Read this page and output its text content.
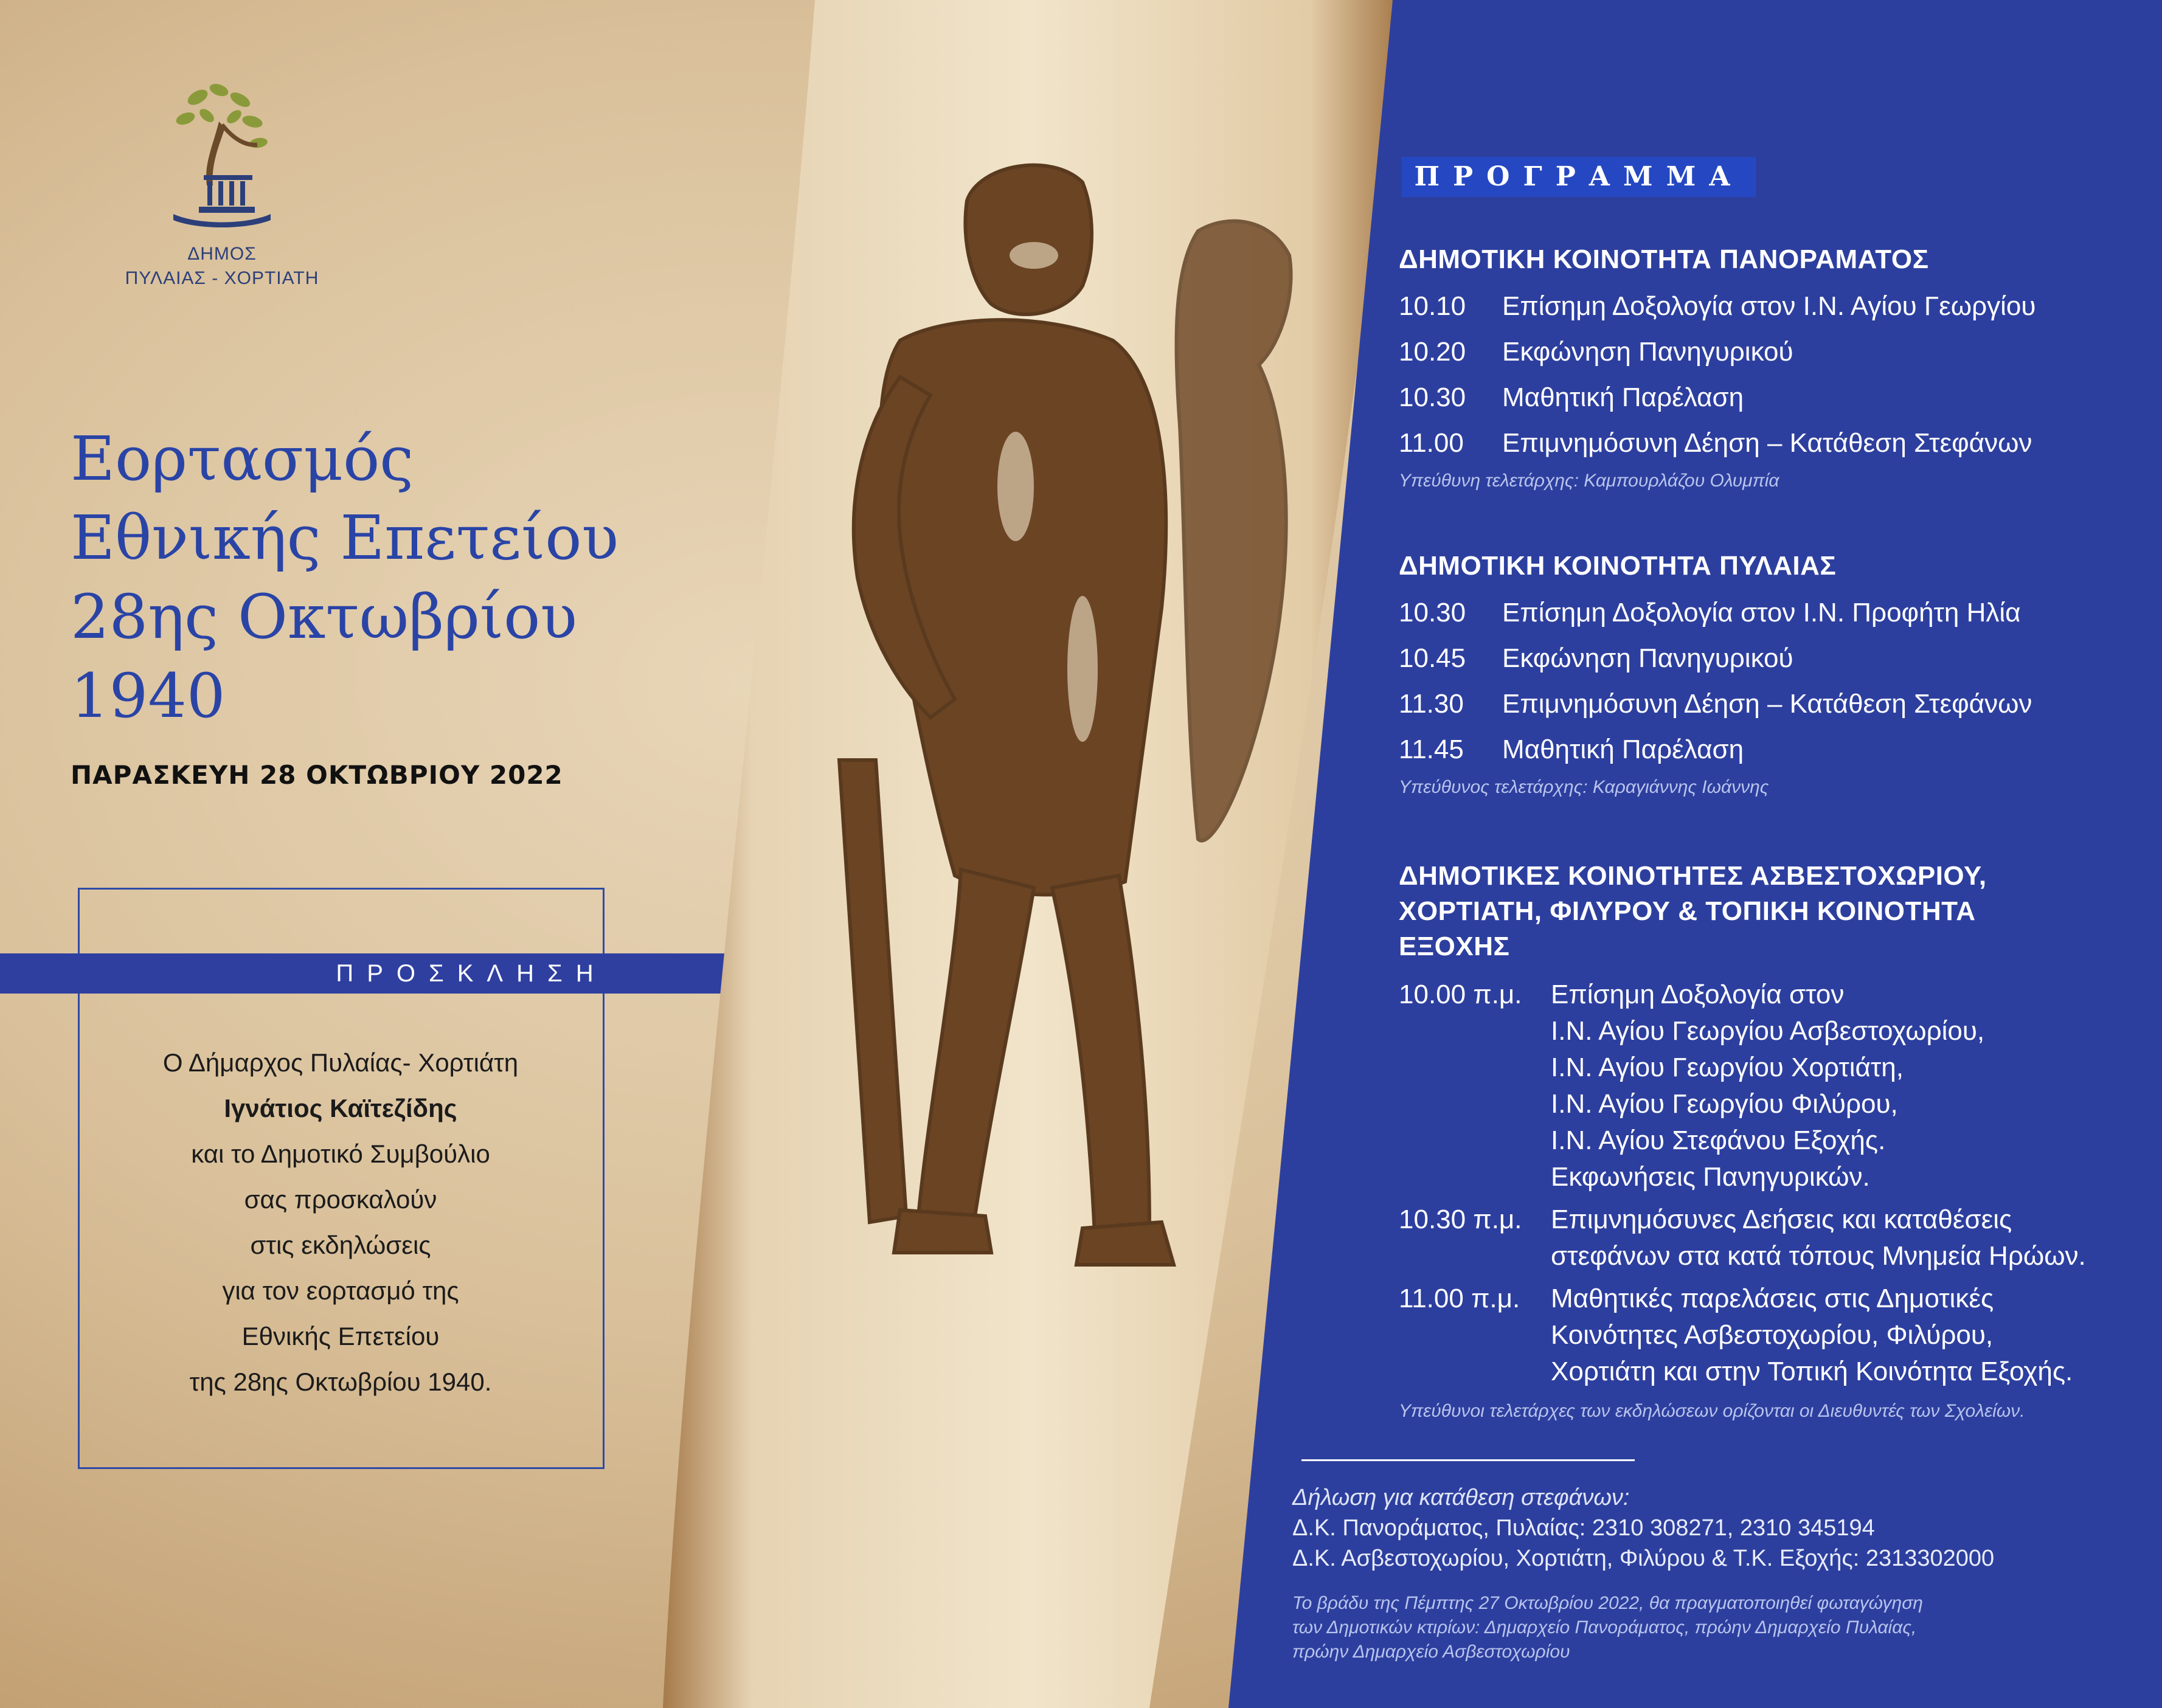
ΔΗΜΟΣ
ΠΥΛΑΙΑΣ - ΧΟΡΤΙΑΤΗ
Εορτασμός
Εθνικής Επετείου
28ης Οκτωβρίου
1940
ΠΑΡΑΣΚΕΥΗ 28 ΟΚΤΩΒΡΙΟΥ 2022
ΠΡΟΣΚΛΗΣΗ
Ο Δήμαρχος Πυλαίας- Χορτιάτη
Ιγνάτιος Καϊτεζίδης
και το Δημοτικό Συμβούλιο
σας προσκαλούν
στις εκδηλώσεις
για τον εορτασμό της
Εθνικής Επετείου
της 28ης Οκτωβρίου 1940.
ΠΡΟΓΡΑΜΜΑ
ΔΗΜΟΤΙΚΗ ΚΟΙΝΟΤΗΤΑ ΠΑΝΟΡΑΜΑΤΟΣ
10.10	Επίσημη Δοξολογία στον Ι.Ν. Αγίου Γεωργίου
10.20	Εκφώνηση Πανηγυρικού
10.30	Μαθητική Παρέλαση
11.00	Επιμνημόσυνη Δέηση – Κατάθεση Στεφάνων
Υπεύθυνη τελετάρχης: Καμπουρλάζου Ολυμπία
ΔΗΜΟΤΙΚΗ ΚΟΙΝΟΤΗΤΑ ΠΥΛΑΙΑΣ
10.30	Επίσημη Δοξολογία στον Ι.Ν. Προφήτη Ηλία
10.45	Εκφώνηση Πανηγυρικού
11.30	Επιμνημόσυνη Δέηση – Κατάθεση Στεφάνων
11.45	Μαθητική Παρέλαση
Υπεύθυνος τελετάρχης: Καραγιάννης Ιωάννης
ΔΗΜΟΤΙΚΕΣ ΚΟΙΝΟΤΗΤΕΣ ΑΣΒΕΣΤΟΧΩΡΙΟΥ,
ΧΟΡΤΙΑΤΗ, ΦΙΛΥΡΟΥ & ΤΟΠΙΚΗ ΚΟΙΝΟΤΗΤΑ
ΕΞΟΧΗΣ
10.00 π.μ.	Επίσημη Δοξολογία στον
Ι.Ν. Αγίου Γεωργίου Ασβεστοχωρίου,
Ι.Ν. Αγίου Γεωργίου Χορτιάτη,
Ι.Ν. Αγίου Γεωργίου Φιλύρου,
Ι.Ν. Αγίου Στεφάνου Εξοχής.
Εκφωνήσεις Πανηγυρικών.
10.30 π.μ.	Επιμνημόσυνες Δεήσεις και καταθέσεις
στεφάνων στα κατά τόπους Μνημεία Ηρώων.
11.00 π.μ.	Μαθητικές παρελάσεις στις Δημοτικές
Κοινότητες Ασβεστοχωρίου, Φιλύρου,
Χορτιάτη και στην Τοπική Κοινότητα Εξοχής.
Υπεύθυνοι τελετάρχες των εκδηλώσεων ορίζονται οι Διευθυντές των Σχολείων.
Δήλωση για κατάθεση στεφάνων:
Δ.Κ. Πανοράματος, Πυλαίας: 2310 308271, 2310 345194
Δ.Κ. Ασβεστοχωρίου, Χορτιάτη, Φιλύρου & Τ.Κ. Εξοχής: 2313302000
Το βράδυ της Πέμπτης 27 Οκτωβρίου 2022, θα πραγματοποιηθεί φωταγώγηση
των Δημοτικών κτιρίων: Δημαρχείο Πανοράματος, πρώην Δημαρχείο Πυλαίας,
πρώην Δημαρχείο Ασβεστοχωρίου
